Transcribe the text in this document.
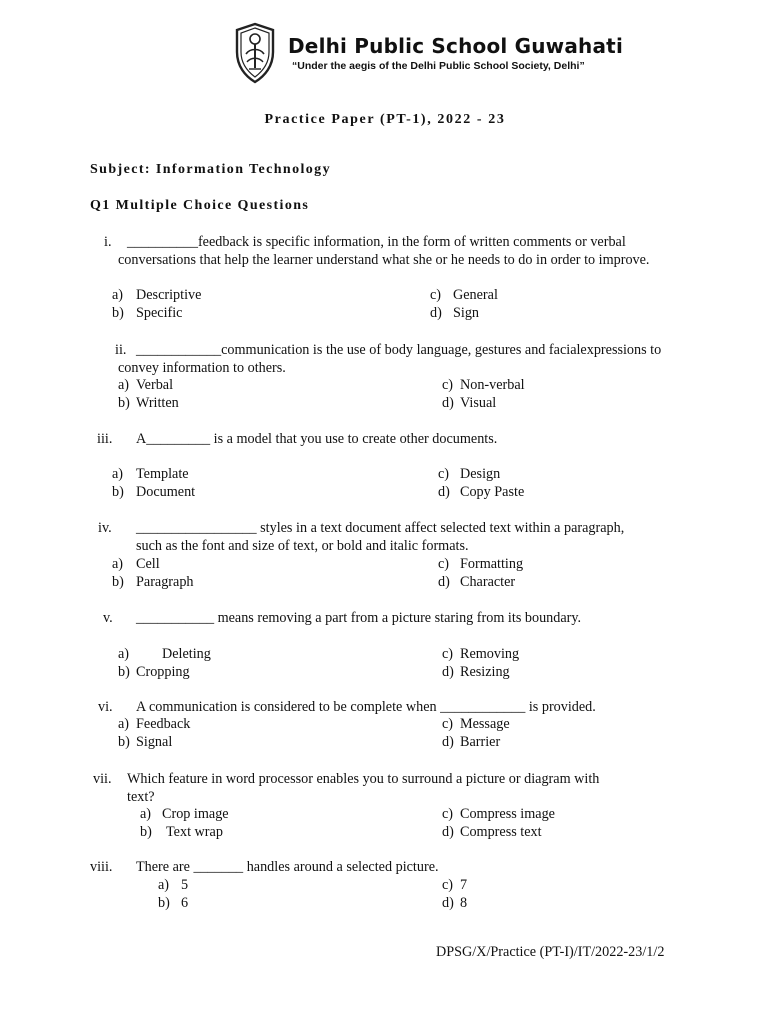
Delhi Public School Guwahati
“Under the aegis of the Delhi Public School Society, Delhi”
Practice Paper (PT-1), 2022 - 23
Subject: Information Technology
Q1 Multiple Choice Questions
i. __________feedback is specific information, in the form of written comments or verbal
conversations that help the learner understand what she or he needs to do in order to improve.
a) Descriptive
b) Specific
c) General
d) Sign
ii. ____________communication is the use of body language, gestures and facialexpressions to
convey information to others.
a) Verbal
b) Written
c) Non-verbal
d) Visual
iii. A_________ is a model that you use to create other documents.
a) Template
b) Document
c) Design
d) Copy Paste
iv. _________________ styles in a text document affect selected text within a paragraph,
such as the font and size of text, or bold and italic formats.
a) Cell
b) Paragraph
c) Formatting
d) Character
v. ___________ means removing a part from a picture staring from its boundary.
a) Deleting
b) Cropping
c) Removing
d) Resizing
vi. A communication is considered to be complete when ____________ is provided.
a) Feedback
b) Signal
c) Message
d) Barrier
vii. Which feature in word processor enables you to surround a picture or diagram with
text?
a) Crop image
b) Text wrap
c) Compress image
d) Compress text
viii. There are _______ handles around a selected picture.
a) 5
b) 6
c) 7
d) 8
DPSG/X/Practice (PT-I)/IT/2022-23/1/2
